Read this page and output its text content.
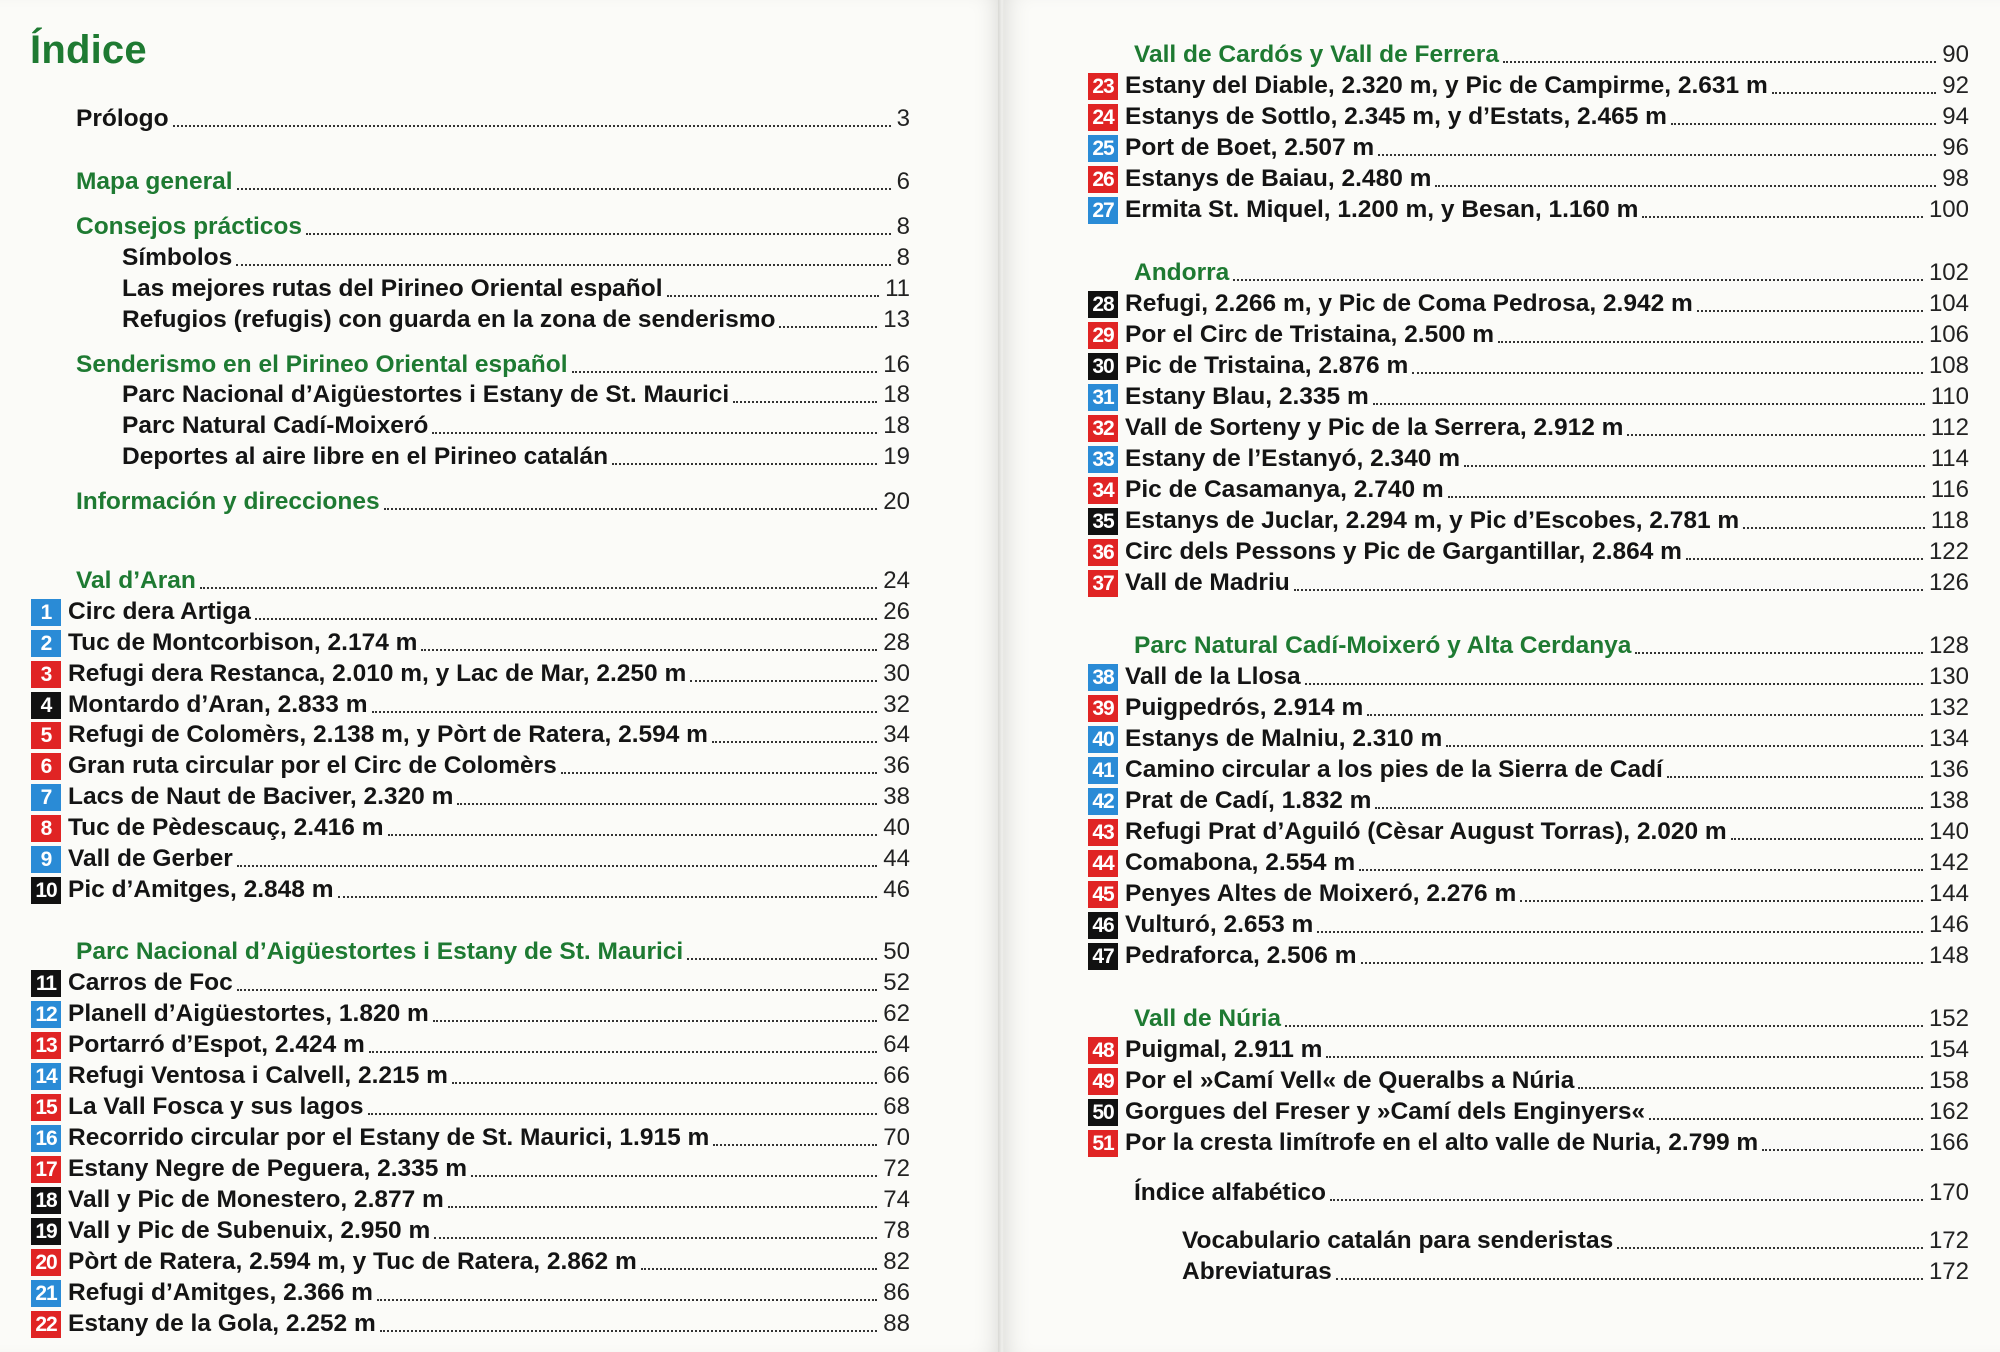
Índice
Prólogo	3
Mapa general	6
Consejos prácticos	8
Símbolos	8
Las mejores rutas del Pirineo Oriental español	11
Refugios (refugis) con guarda en la zona de senderismo	13
Senderismo en el Pirineo Oriental español	16
Parc Nacional d’Aigüestortes i Estany de St. Maurici	18
Parc Natural Cadí-Moixeró	18
Deportes al aire libre en el Pirineo catalán	19
Información y direcciones	20
Val d’Aran	24
1 Circ dera Artiga	26
2 Tuc de Montcorbison, 2.174 m	28
3 Refugi dera Restanca, 2.010 m, y Lac de Mar, 2.250 m	30
4 Montardo d’Aran, 2.833 m	32
5 Refugi de Colomèrs, 2.138 m, y Pòrt de Ratera, 2.594 m	34
6 Gran ruta circular por el Circ de Colomèrs	36
7 Lacs de Naut de Baciver, 2.320 m	38
8 Tuc de Pèdescauç, 2.416 m	40
9 Vall de Gerber	44
10 Pic d’Amitges, 2.848 m	46
Parc Nacional d’Aigüestortes i Estany de St. Maurici	50
11 Carros de Foc	52
12 Planell d’Aigüestortes, 1.820 m	62
13 Portarró d’Espot, 2.424 m	64
14 Refugi Ventosa i Calvell, 2.215 m	66
15 La Vall Fosca y sus lagos	68
16 Recorrido circular por el Estany de St. Maurici, 1.915 m	70
17 Estany Negre de Peguera, 2.335 m	72
18 Vall y Pic de Monestero, 2.877 m	74
19 Vall y Pic de Subenuix, 2.950 m	78
20 Pòrt de Ratera, 2.594 m, y Tuc de Ratera, 2.862 m	82
21 Refugi d’Amitges, 2.366 m	86
22 Estany de la Gola, 2.252 m	88
Vall de Cardós y Vall de Ferrera	90
23 Estany del Diable, 2.320 m, y Pic de Campirme, 2.631 m	92
24 Estanys de Sottlo, 2.345 m, y d’Estats, 2.465 m	94
25 Port de Boet, 2.507 m	96
26 Estanys de Baiau, 2.480 m	98
27 Ermita St. Miquel, 1.200 m, y Besan, 1.160 m	100
Andorra	102
28 Refugi, 2.266 m, y Pic de Coma Pedrosa, 2.942 m	104
29 Por el Circ de Tristaina, 2.500 m	106
30 Pic de Tristaina, 2.876 m	108
31 Estany Blau, 2.335 m	110
32 Vall de Sorteny y Pic de la Serrera, 2.912 m	112
33 Estany de l’Estanyó, 2.340 m	114
34 Pic de Casamanya, 2.740 m	116
35 Estanys de Juclar, 2.294 m, y Pic d’Escobes, 2.781 m	118
36 Circ dels Pessons y Pic de Gargantillar, 2.864 m	122
37 Vall de Madriu	126
Parc Natural Cadí-Moixeró y Alta Cerdanya	128
38 Vall de la Llosa	130
39 Puigpedrós, 2.914 m	132
40 Estanys de Malniu, 2.310 m	134
41 Camino circular a los pies de la Sierra de Cadí	136
42 Prat de Cadí, 1.832 m	138
43 Refugi Prat d’Aguiló (Cèsar August Torras), 2.020 m	140
44 Comabona, 2.554 m	142
45 Penyes Altes de Moixeró, 2.276 m	144
46 Vulturó, 2.653 m	146
47 Pedraforca, 2.506 m	148
Vall de Núria	152
48 Puigmal, 2.911 m	154
49 Por el »Camí Vell« de Queralbs a Núria	158
50 Gorgues del Freser y »Camí dels Enginyers«	162
51 Por la cresta limítrofe en el alto valle de Nuria, 2.799 m	166
Índice alfabético	170
Vocabulario catalán para senderistas	172
Abreviaturas	172
